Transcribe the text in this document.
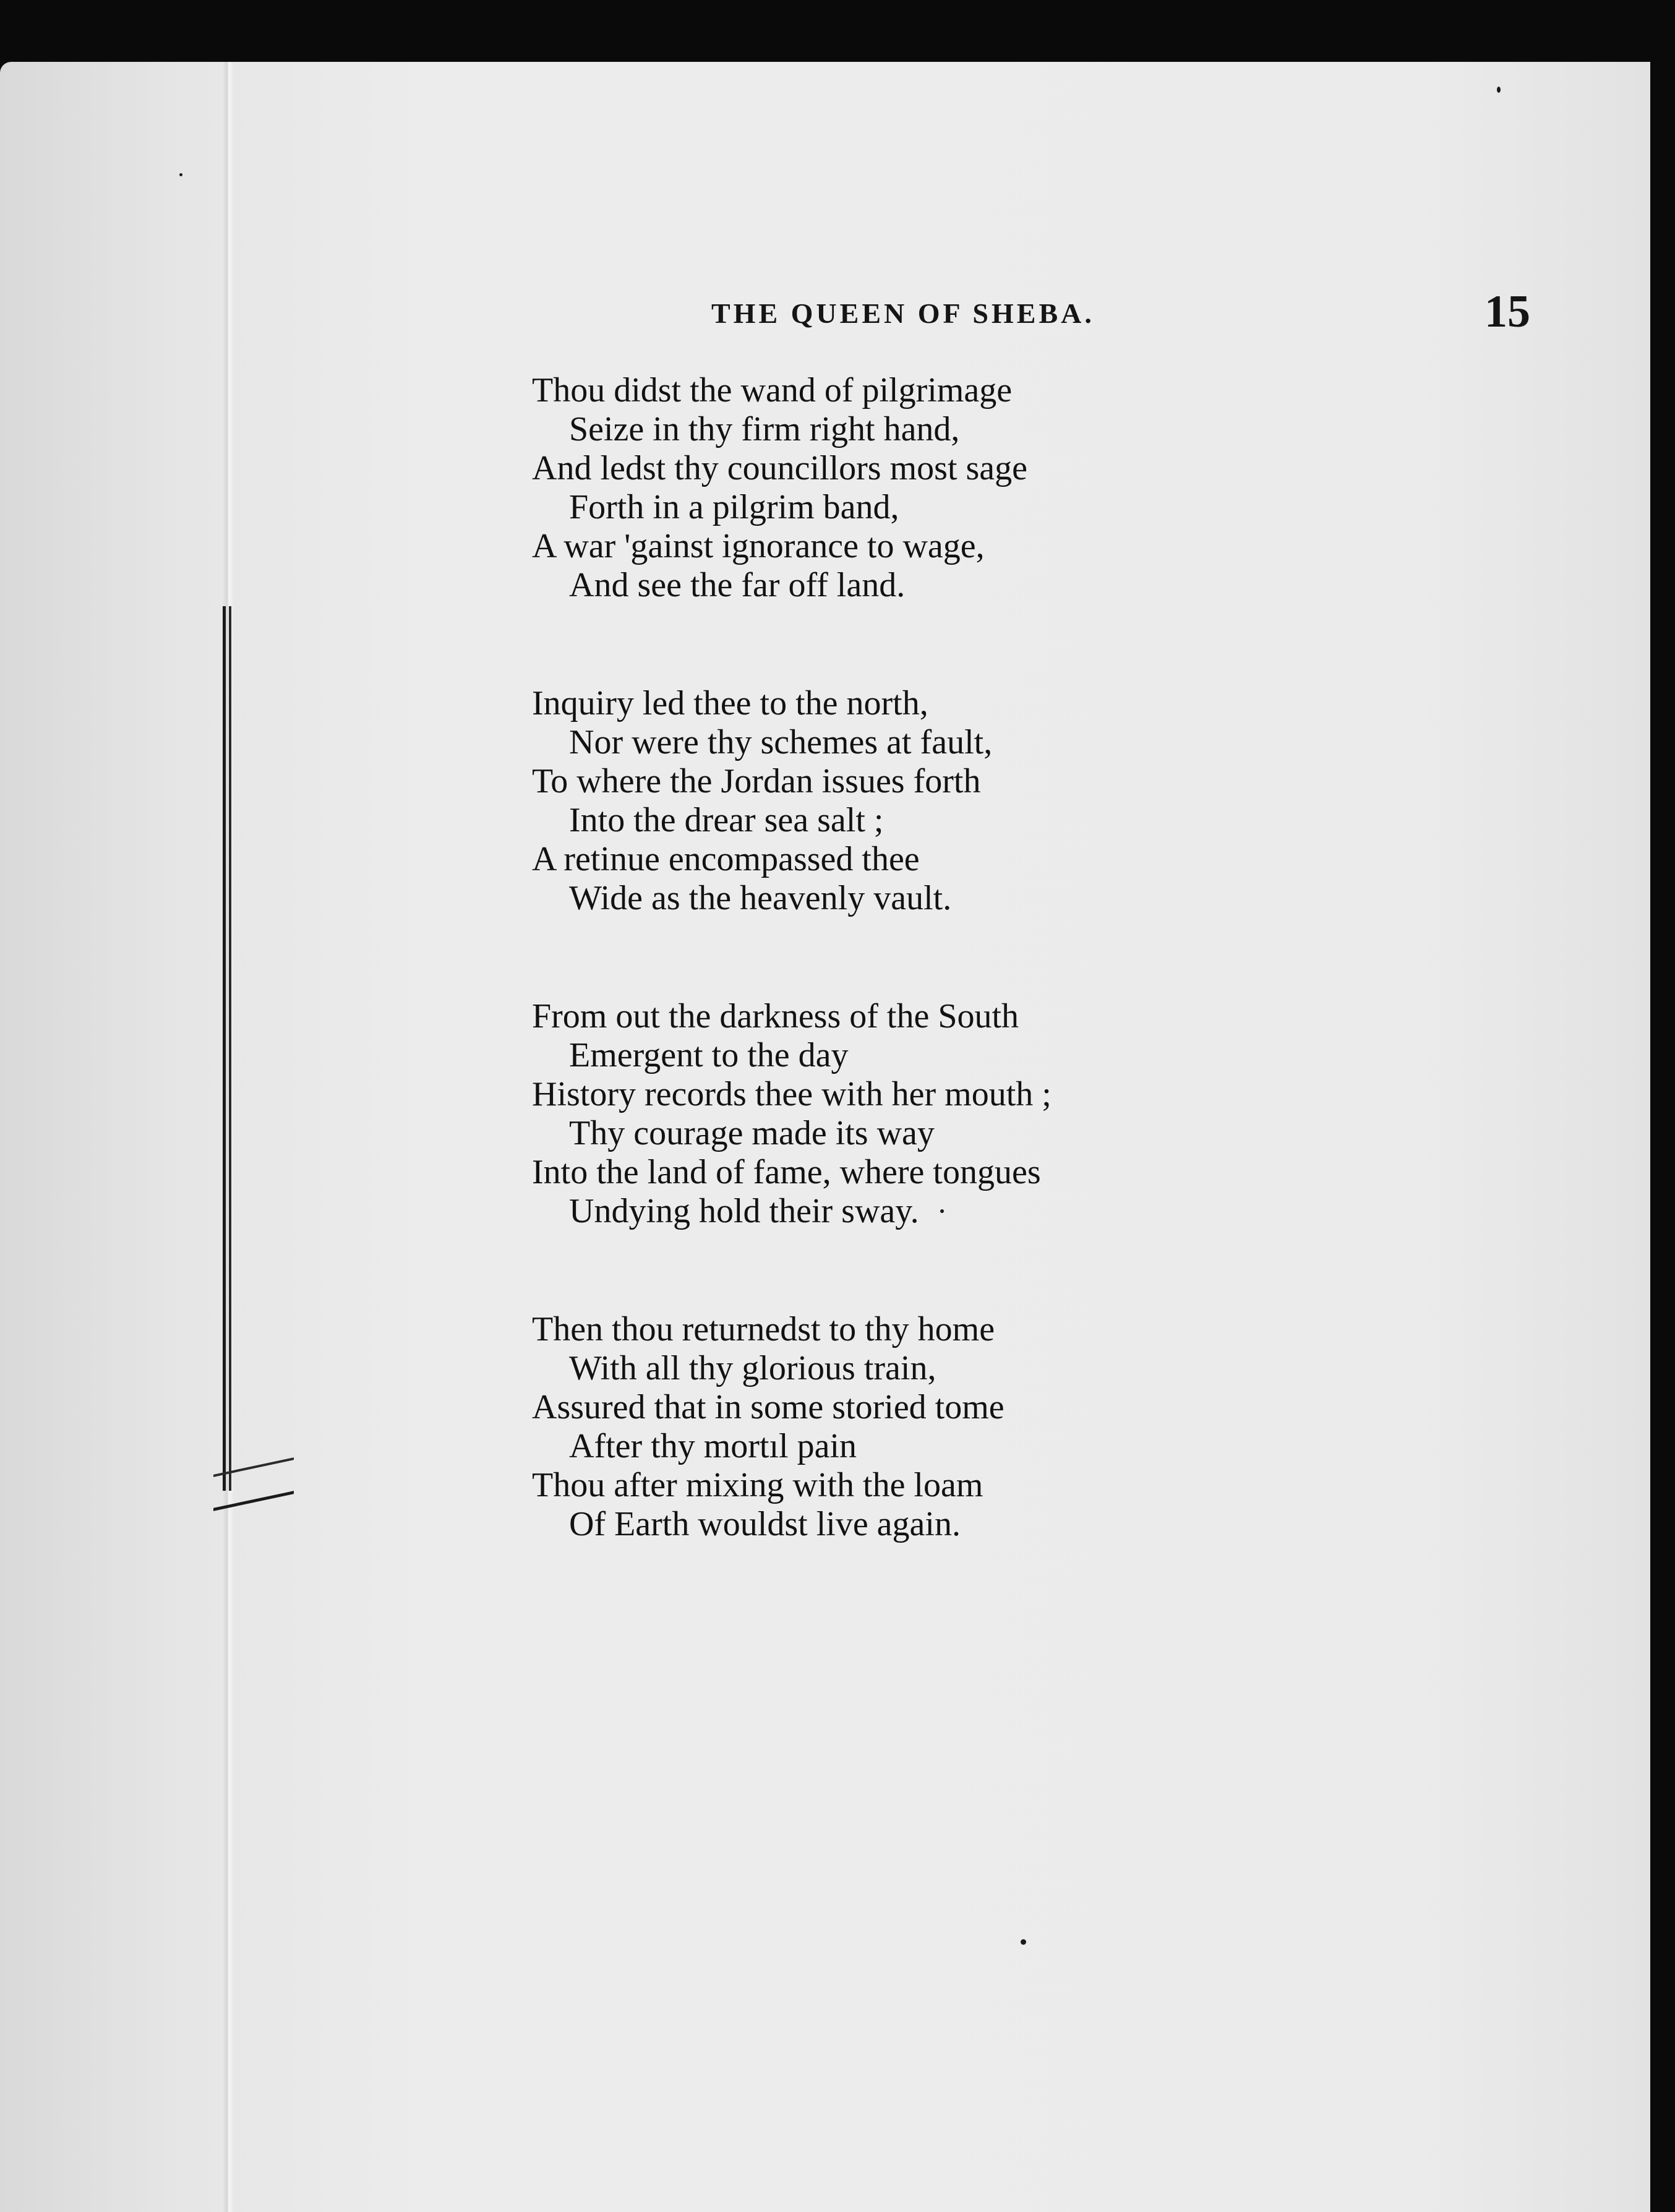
THE QUEEN OF SHEBA.	15
Thou didst the wand of pilgrimage
Seize in thy firm right hand,
And ledst thy councillors most sage
Forth in a pilgrim band,
A war 'gainst ignorance to wage,
And see the far off land.
Inquiry led thee to the north,
Nor were thy schemes at fault,
To where the Jordan issues forth
Into the drear sea salt ;
A retinue encompassed thee
Wide as the heavenly vault.
From out the darkness of the South
Emergent to the day
History records thee with her mouth ;
Thy courage made its way
Into the land of fame, where tongues
Undying hold their sway.
Then thou returnedst to thy home
With all thy glorious train,
Assured that in some storied tome
After thy mortıl pain
Thou after mixing with the loam
Of Earth wouldst live again.
